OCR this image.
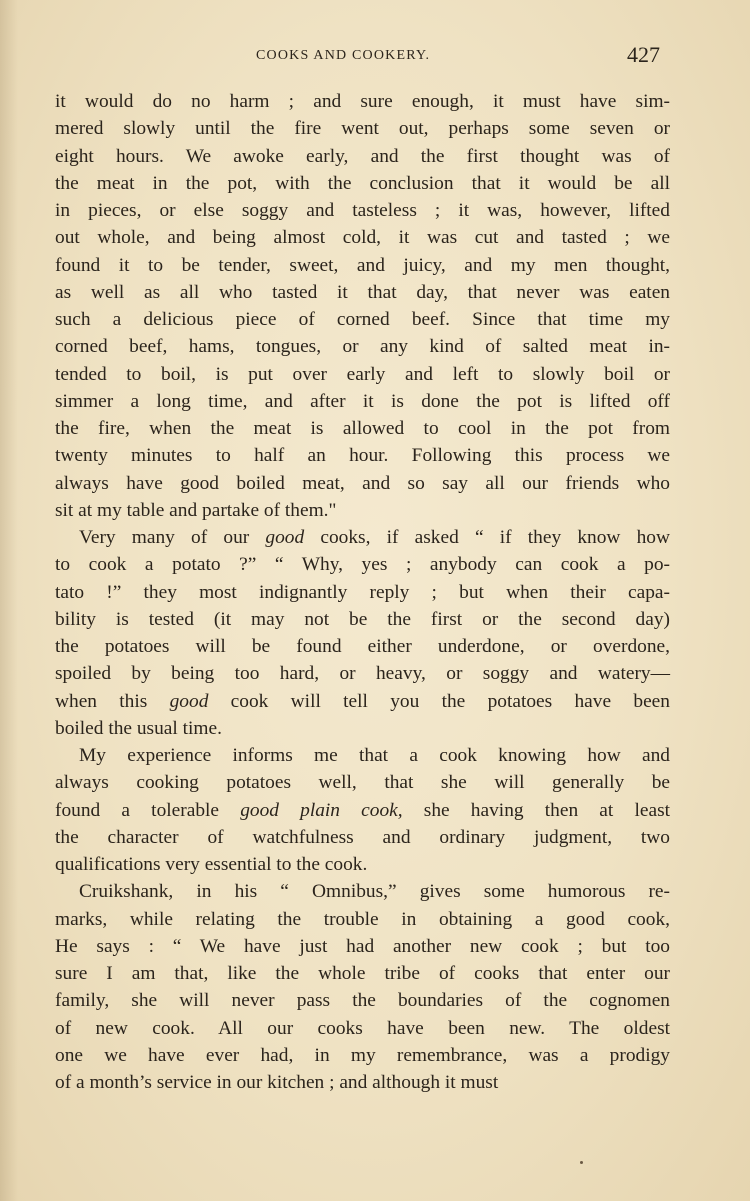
COOKS AND COOKERY.	427
it would do no harm ; and sure enough, it must have sim-
mered slowly until the fire went out, perhaps some seven or
eight hours. We awoke early, and the first thought was of
the meat in the pot, with the conclusion that it would be all
in pieces, or else soggy and tasteless ; it was, however, lifted
out whole, and being almost cold, it was cut and tasted ; we
found it to be tender, sweet, and juicy, and my men thought,
as well as all who tasted it that day, that never was eaten
such a delicious piece of corned beef. Since that time my
corned beef, hams, tongues, or any kind of salted meat in-
tended to boil, is put over early and left to slowly boil or
simmer a long time, and after it is done the pot is lifted off
the fire, when the meat is allowed to cool in the pot from
twenty minutes to half an hour. Following this process we
always have good boiled meat, and so say all our friends who
sit at my table and partake of them."
Very many of our good cooks, if asked “ if they know how
to cook a potato ?” “ Why, yes ; anybody can cook a po-
tato !” they most indignantly reply ; but when their capa-
bility is tested (it may not be the first or the second day)
the potatoes will be found either underdone, or overdone,
spoiled by being too hard, or heavy, or soggy and watery—
when this good cook will tell you the potatoes have been
boiled the usual time.
My experience informs me that a cook knowing how and
always cooking potatoes well, that she will generally be
found a tolerable good plain cook, she having then at least
the character of watchfulness and ordinary judgment, two
qualifications very essential to the cook.
Cruikshank, in his “ Omnibus,” gives some humorous re-
marks, while relating the trouble in obtaining a good cook,
He says : “ We have just had another new cook ; but too
sure I am that, like the whole tribe of cooks that enter our
family, she will never pass the boundaries of the cognomen
of new cook. All our cooks have been new. The oldest
one we have ever had, in my remembrance, was a prodigy
of a month’s service in our kitchen ; and although it must
